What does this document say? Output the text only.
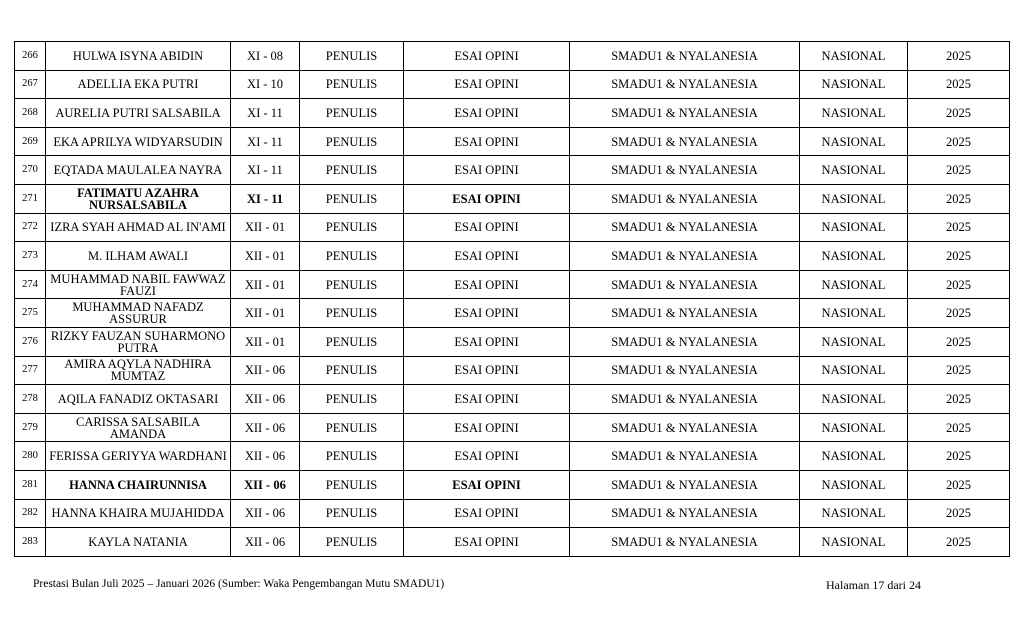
266	HULWA ISYNA ABIDIN	XI - 08	PENULIS	ESAI OPINI	SMADU1 & NYALANESIA	NASIONAL	2025
267	ADELLIA EKA PUTRI	XI - 10	PENULIS	ESAI OPINI	SMADU1 & NYALANESIA	NASIONAL	2025
268	AURELIA PUTRI SALSABILA	XI - 11	PENULIS	ESAI OPINI	SMADU1 & NYALANESIA	NASIONAL	2025
269	EKA APRILYA WIDYARSUDIN	XI - 11	PENULIS	ESAI OPINI	SMADU1 & NYALANESIA	NASIONAL	2025
270	EQTADA MAULALEA NAYRA	XI - 11	PENULIS	ESAI OPINI	SMADU1 & NYALANESIA	NASIONAL	2025
271	FATIMATU AZAHRA NURSALSABILA	XI - 11	PENULIS	ESAI OPINI	SMADU1 & NYALANESIA	NASIONAL	2025
272	IZRA SYAH AHMAD AL IN'AMI	XII - 01	PENULIS	ESAI OPINI	SMADU1 & NYALANESIA	NASIONAL	2025
273	M. ILHAM AWALI	XII - 01	PENULIS	ESAI OPINI	SMADU1 & NYALANESIA	NASIONAL	2025
274	MUHAMMAD NABIL FAWWAZ FAUZI	XII - 01	PENULIS	ESAI OPINI	SMADU1 & NYALANESIA	NASIONAL	2025
275	MUHAMMAD NAFADZ ASSURUR	XII - 01	PENULIS	ESAI OPINI	SMADU1 & NYALANESIA	NASIONAL	2025
276	RIZKY FAUZAN SUHARMONO PUTRA	XII - 01	PENULIS	ESAI OPINI	SMADU1 & NYALANESIA	NASIONAL	2025
277	AMIRA AQYLA NADHIRA MUMTAZ	XII - 06	PENULIS	ESAI OPINI	SMADU1 & NYALANESIA	NASIONAL	2025
278	AQILA FANADIZ OKTASARI	XII - 06	PENULIS	ESAI OPINI	SMADU1 & NYALANESIA	NASIONAL	2025
279	CARISSA SALSABILA AMANDA	XII - 06	PENULIS	ESAI OPINI	SMADU1 & NYALANESIA	NASIONAL	2025
280	FERISSA GERIYYA WARDHANI	XII - 06	PENULIS	ESAI OPINI	SMADU1 & NYALANESIA	NASIONAL	2025
281	HANNA CHAIRUNNISA	XII - 06	PENULIS	ESAI OPINI	SMADU1 & NYALANESIA	NASIONAL	2025
282	HANNA KHAIRA MUJAHIDDA	XII - 06	PENULIS	ESAI OPINI	SMADU1 & NYALANESIA	NASIONAL	2025
283	KAYLA NATANIA	XII - 06	PENULIS	ESAI OPINI	SMADU1 & NYALANESIA	NASIONAL	2025
Prestasi Bulan Juli 2025 – Januari 2026 (Sumber: Waka Pengembangan Mutu SMADU1)	Halaman 17 dari 24
